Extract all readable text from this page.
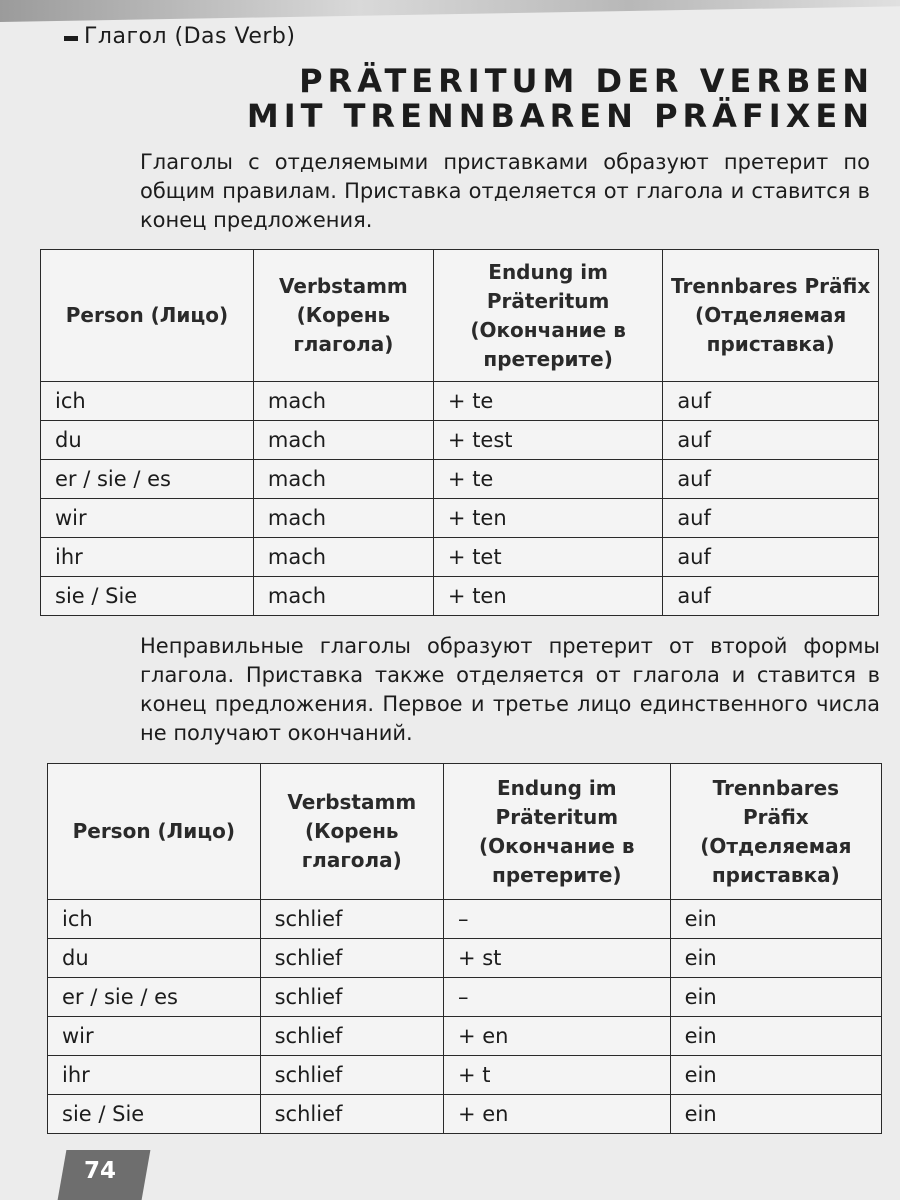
Глагол (Das Verb)
PRÄTERITUM DER VERBEN
MIT TRENNBAREN PRÄFIXEN
Глаголы с отделяемыми приставками образуют претерит по общим правилам. Приставка отделяется от глагола и ставится в конец предложения.
Person (Лицо)	Verbstamm (Корень глагола)	Endung im Präteritum (Окончание в претерите)	Trennbares Präfix (Отделяемая приставка)
ich	mach	+ te	auf
du	mach	+ test	auf
er / sie / es	mach	+ te	auf
wir	mach	+ ten	auf
ihr	mach	+ tet	auf
sie / Sie	mach	+ ten	auf
Неправильные глаголы образуют претерит от второй формы глагола. Приставка также отделяется от глагола и ставится в конец предложения. Первое и третье лицо единственного числа не получают окончаний.
Person (Лицо)	Verbstamm (Корень глагола)	Endung im Präteritum (Окончание в претерите)	Trennbares Präfix (Отделяемая приставка)
ich	schlief	–	ein
du	schlief	+ st	ein
er / sie / es	schlief	–	ein
wir	schlief	+ en	ein
ihr	schlief	+ t	ein
sie / Sie	schlief	+ en	ein
74
